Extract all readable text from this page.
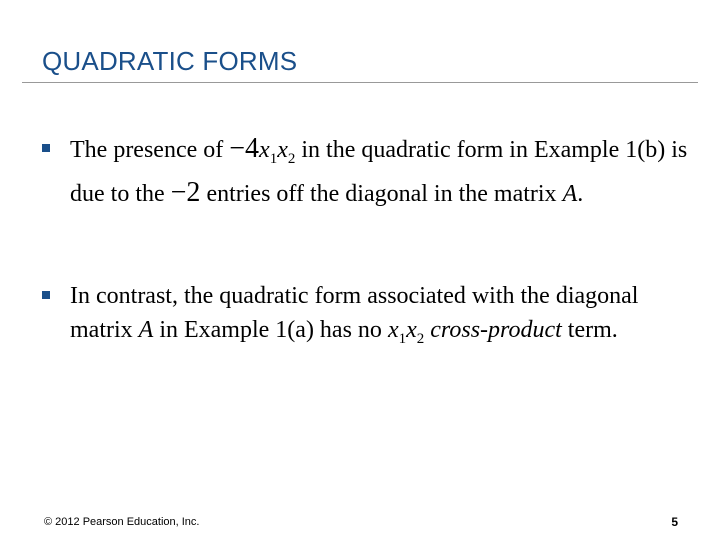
QUADRATIC FORMS
The presence of $-4x_1x_2$ in the quadratic form in Example 1(b) is due to the −2 entries off the diagonal in the matrix A.
In contrast, the quadratic form associated with the diagonal matrix A in Example 1(a) has no $x_1x_2$ cross-product term.
© 2012 Pearson Education, Inc.	5
